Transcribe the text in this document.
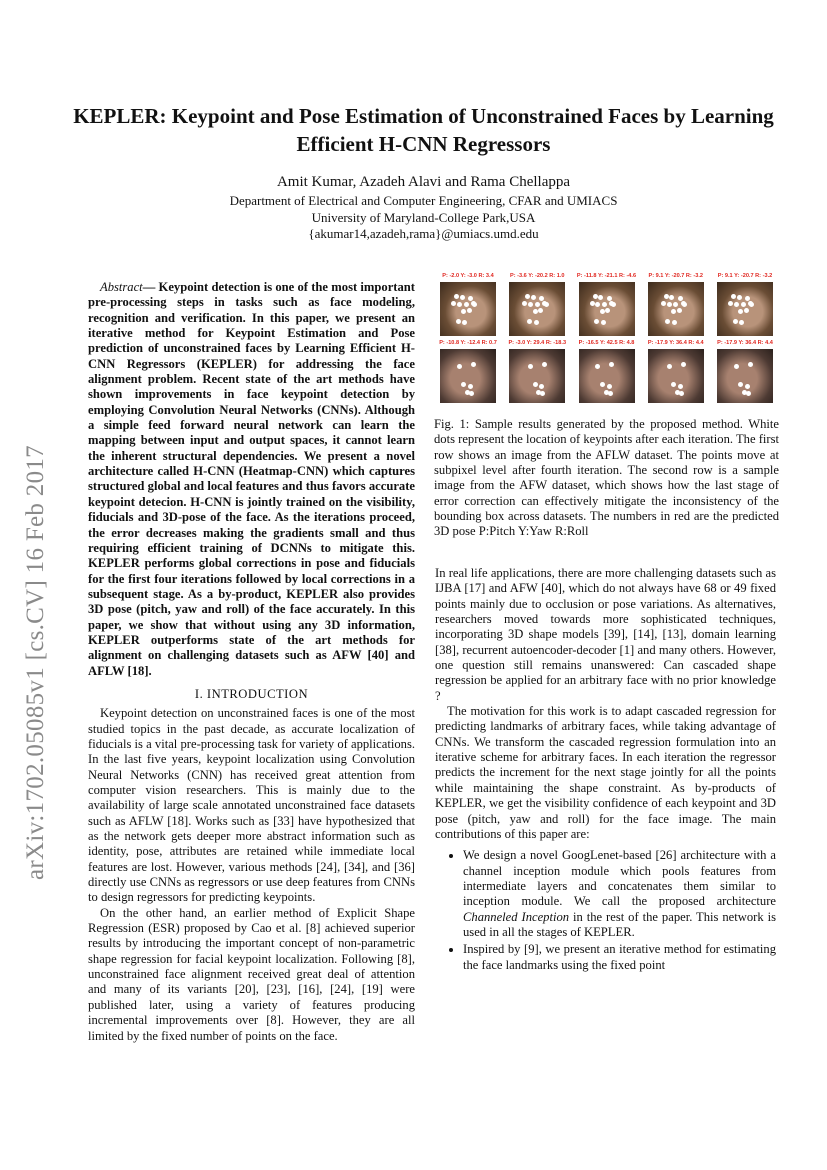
arXiv:1702.05085v1 [cs.CV] 16 Feb 2017
KEPLER: Keypoint and Pose Estimation of Unconstrained Faces by Learning Efficient H-CNN Regressors
Amit Kumar, Azadeh Alavi and Rama Chellappa
Department of Electrical and Computer Engineering, CFAR and UMIACS
University of Maryland-College Park,USA
{akumar14,azadeh,rama}@umiacs.umd.edu
Abstract— Keypoint detection is one of the most important pre-processing steps in tasks such as face modeling, recognition and verification. In this paper, we present an iterative method for Keypoint Estimation and Pose prediction of unconstrained faces by Learning Efficient H-CNN Regressors (KEPLER) for addressing the face alignment problem. Recent state of the art methods have shown improvements in face keypoint detection by employing Convolution Neural Networks (CNNs). Although a simple feed forward neural network can learn the mapping between input and output spaces, it cannot learn the inherent structural dependencies. We present a novel architecture called H-CNN (Heatmap-CNN) which captures structured global and local features and thus favors accurate keypoint detecion. H-CNN is jointly trained on the visibility, fiducials and 3D-pose of the face. As the iterations proceed, the error decreases making the gradients small and thus requiring efficient training of DCNNs to mitigate this. KEPLER performs global corrections in pose and fiducials for the first four iterations followed by local corrections in a subsequent stage. As a by-product, KEPLER also provides 3D pose (pitch, yaw and roll) of the face accurately. In this paper, we show that without using any 3D information, KEPLER outperforms state of the art methods for alignment on challenging datasets such as AFW [40] and AFLW [18].
I. INTRODUCTION

Keypoint detection on unconstrained faces is one of the most studied topics in the past decade, as accurate localization of fiducials is a vital pre-processing task for variety of applications. In the last five years, keypoint localization using Convolution Neural Networks (CNN) has received great attention from computer vision researchers. This is mainly due to the availability of large scale annotated unconstrained face datasets such as AFLW [18]. Works such as [33] have hypothesized that as the network gets deeper more abstract information such as identity, pose, attributes are retained while immediate local features are lost. However, various methods [24], [34], and [36] directly use CNNs as regressors or use deep features from CNNs to design regressors for predicting keypoints.

On the other hand, an earlier method of Explicit Shape Regression (ESR) proposed by Cao et al. [8] achieved superior results by introducing the important concept of non-parametric shape regression for facial keypoint localization. Following [8], unconstrained face alignment received great deal of attention and many of its variants [20], [23], [16], [24], [19] were published later, using a variety of features producing incremental improvements over [8]. However, they are all limited by the fixed number of points on the face.

P: -2.0 Y: -3.0 R: 3.4	P: -3.6 Y: -20.2 R: 1.0	P: -11.8 Y: -21.1 R: -4.6	P: 9.1 Y: -20.7 R: -3.2	P: 9.1 Y: -20.7 R: -3.2
P: -10.8 Y: -12.4 R: 0.7	P: -3.0 Y: 29.4 R: -18.3	P: -16.5 Y: 42.5 R: 4.8	P: -17.9 Y: 36.4 R: 4.4	P: -17.9 Y: 36.4 R: 4.4
Fig. 1: Sample results generated by the proposed method. White dots represent the location of keypoints after each iteration. The first row shows an image from the AFLW dataset. The points move at subpixel level after fourth iteration. The second row is a sample image from the AFW dataset, which shows how the last stage of error correction can effectively mitigate the inconsistency of the bounding box across datasets. The numbers in red are the predicted 3D pose P:Pitch Y:Yaw R:Roll

In real life applications, there are more challenging datasets such as IJBA [17] and AFW [40], which do not always have 68 or 49 fixed points mainly due to occlusion or pose variations. As alternatives, researchers moved towards more sophisticated techniques, incorporating 3D shape models [39], [14], [13], domain learning [38], recurrent autoencoder-decoder [1] and many others. However, one question still remains unanswered: Can cascaded shape regression be applied for an arbitrary face with no prior knowledge ?

The motivation for this work is to adapt cascaded regression for predicting landmarks of arbitrary faces, while taking advantage of CNNs. We transform the cascaded regression formulation into an iterative scheme for arbitrary faces. In each iteration the regressor predicts the increment for the next stage jointly for all the points while maintaining the shape constraint. As by-products of KEPLER, we get the visibility confidence of each keypoint and 3D pose (pitch, yaw and roll) for the face image. The main contributions of this paper are:

• We design a novel GoogLenet-based [26] architecture with a channel inception module which pools features from intermediate layers and concatenates them similar to inception module. We call the proposed architecture Channeled Inception in the rest of the paper. This network is used in all the stages of KEPLER.
• Inspired by [9], we present an iterative method for estimating the face landmarks using the fixed point
